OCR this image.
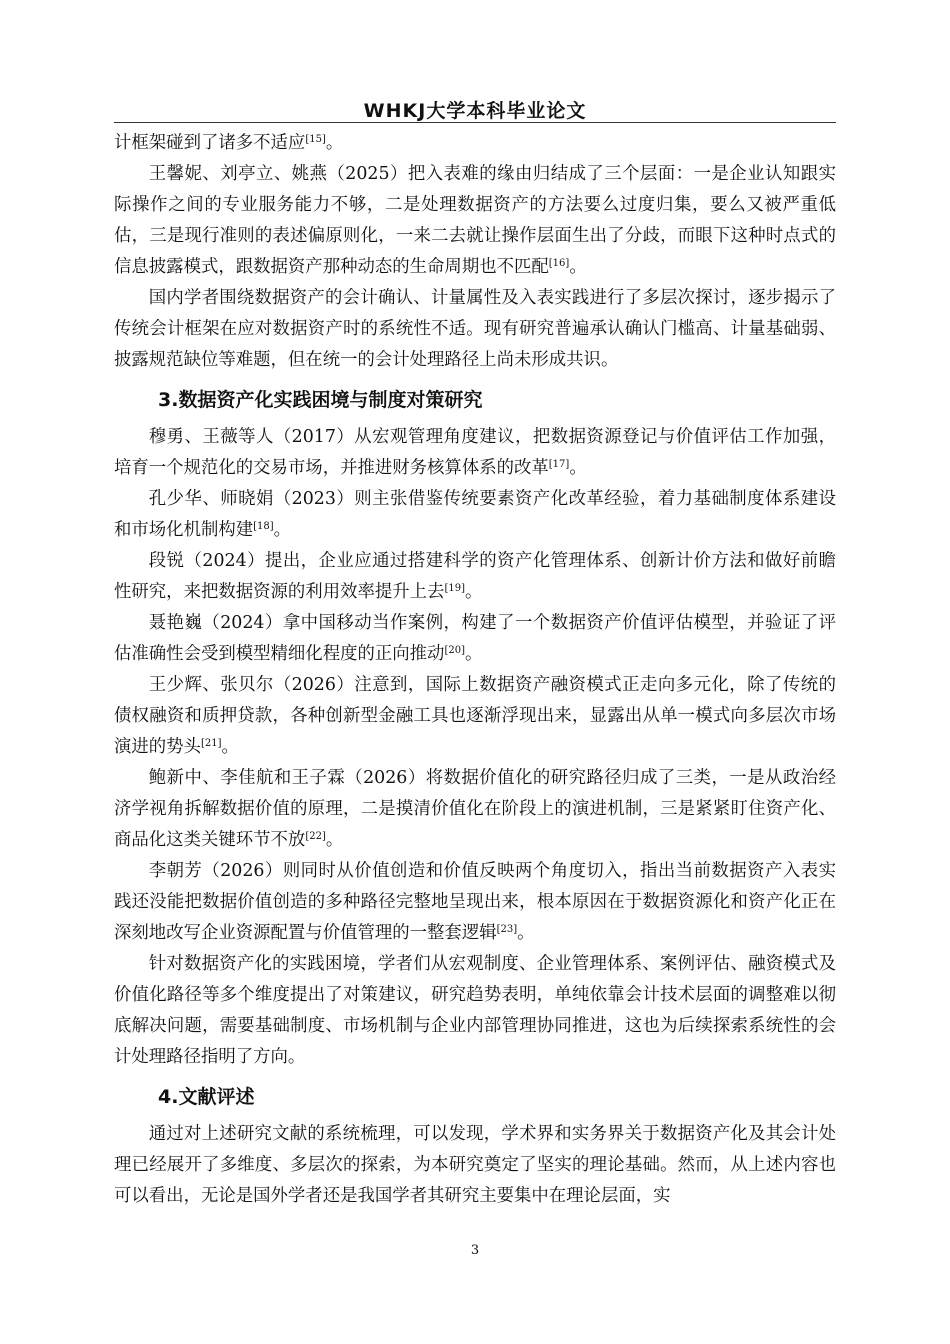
WHKJ大学本科毕业论文

计框架碰到了诸多不适应[15]。

王馨妮、刘亭立、姚燕（2025）把入表难的缘由归结成了三个层面：一是企业认知跟实际操作之间的专业服务能力不够，二是处理数据资产的方法要么过度归集，要么又被严重低估，三是现行准则的表述偏原则化，一来二去就让操作层面生出了分歧，而眼下这种时点式的信息披露模式，跟数据资产那种动态的生命周期也不匹配[16]。

国内学者围绕数据资产的会计确认、计量属性及入表实践进行了多层次探讨，逐步揭示了传统会计框架在应对数据资产时的系统性不适。现有研究普遍承认确认门槛高、计量基础弱、披露规范缺位等难题，但在统一的会计处理路径上尚未形成共识。

3.数据资产化实践困境与制度对策研究

穆勇、王薇等人（2017）从宏观管理角度建议，把数据资源登记与价值评估工作加强，培育一个规范化的交易市场，并推进财务核算体系的改革[17]。

孔少华、师晓娟（2023）则主张借鉴传统要素资产化改革经验，着力基础制度体系建设和市场化机制构建[18]。

段锐（2024）提出，企业应通过搭建科学的资产化管理体系、创新计价方法和做好前瞻性研究，来把数据资源的利用效率提升上去[19]。

聂艳巍（2024）拿中国移动当作案例，构建了一个数据资产价值评估模型，并验证了评估准确性会受到模型精细化程度的正向推动[20]。

王少辉、张贝尔（2026）注意到，国际上数据资产融资模式正走向多元化，除了传统的债权融资和质押贷款，各种创新型金融工具也逐渐浮现出来，显露出从单一模式向多层次市场演进的势头[21]。

鲍新中、李佳航和王子霖（2026）将数据价值化的研究路径归成了三类，一是从政治经济学视角拆解数据价值的原理，二是摸清价值化在阶段上的演进机制，三是紧紧盯住资产化、商品化这类关键环节不放[22]。

李朝芳（2026）则同时从价值创造和价值反映两个角度切入，指出当前数据资产入表实践还没能把数据价值创造的多种路径完整地呈现出来，根本原因在于数据资源化和资产化正在深刻地改写企业资源配置与价值管理的一整套逻辑[23]。

针对数据资产化的实践困境，学者们从宏观制度、企业管理体系、案例评估、融资模式及价值化路径等多个维度提出了对策建议，研究趋势表明，单纯依靠会计技术层面的调整难以彻底解决问题，需要基础制度、市场机制与企业内部管理协同推进，这也为后续探索系统性的会计处理路径指明了方向。

4.文献评述

通过对上述研究文献的系统梳理，可以发现，学术界和实务界关于数据资产化及其会计处理已经展开了多维度、多层次的探索，为本研究奠定了坚实的理论基础。然而，从上述内容也可以看出，无论是国外学者还是我国学者其研究主要集中在理论层面，实

3
